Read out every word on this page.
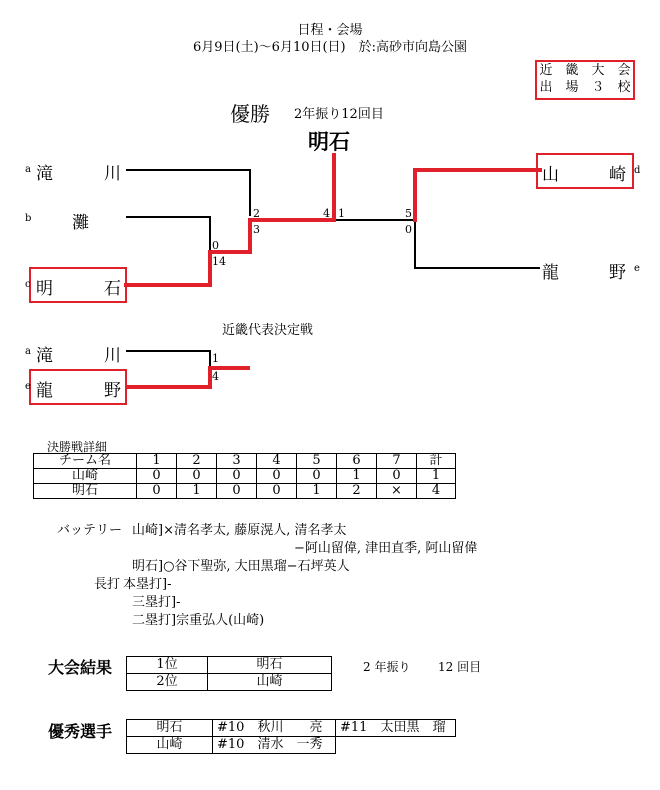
日程・会場
6月9日(土)〜6月10日(日)　於:高砂市向島公園
近　畿　大　会
出　場　３　校
優勝 2年振り12回目
明石
2
3
0
14
4 1	5
0
a 滝	川
b 灘
c 明	石
山	崎 d
龍	野 e
近畿代表決定戦
a 滝	川	1
4
e 龍	野
決勝戦詳細
チーム名	1	2	3	4	5	6	7	計
山崎	0	0	0	0	0	1	0	1
明石	0	1	0	0	1	2	×	4
バッテリー 山崎]×清名孝太, 藤原滉人, 清名孝太
−阿山留偉, 津田直季, 阿山留偉
明石]○谷下聖弥, 大田黒瑠−石坪英人
長打 本塁打]-
三塁打]-
二塁打]宗重弘人(山崎)
大会結果	1位	明石
2位	山崎
2 年振り 12 回目
優秀選手	明石	#10　 秋川　　亮	#11　 太田黒　瑠
山崎	#10　 清水　一秀	
